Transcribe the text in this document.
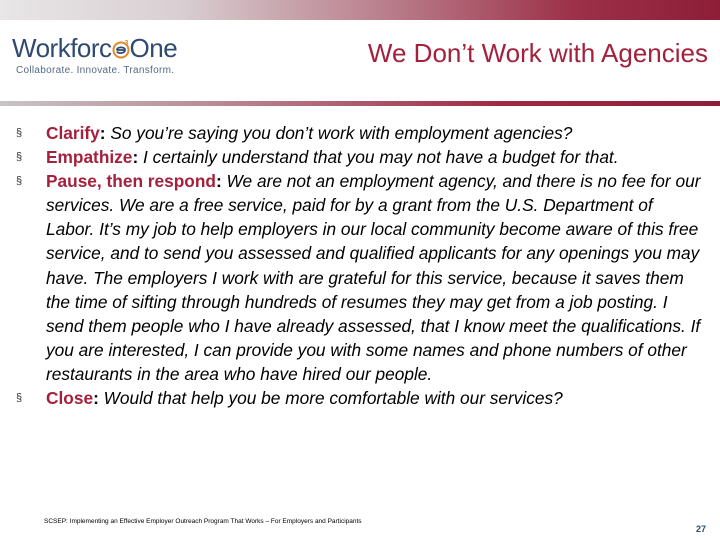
Workforc 3 One
Collaborate. Innovate. Transform.
We Don’t Work with Agencies
§	Clarify: So you’re saying you don’t work with employment agencies?
§	Empathize: I certainly understand that you may not have a budget for that.
§	Pause, then respond: We are not an employment agency, and there is no fee for our services. We are a free service, paid for by a grant from the U.S. Department of Labor. It’s my job to help employers in our local community become aware of this free service, and to send you assessed and qualified applicants for any openings you may have. The employers I work with are grateful for this service, because it saves them the time of sifting through hundreds of resumes they may get from a job posting. I send them people who I have already assessed, that I know meet the qualifications. If you are interested, I can provide you with some names and phone numbers of other restaurants in the area who have hired our people.
§	Close: Would that help you be more comfortable with our services?
SCSEP: Implementing an Effective Employer Outreach Program That Works – For Employers and Participants
27
